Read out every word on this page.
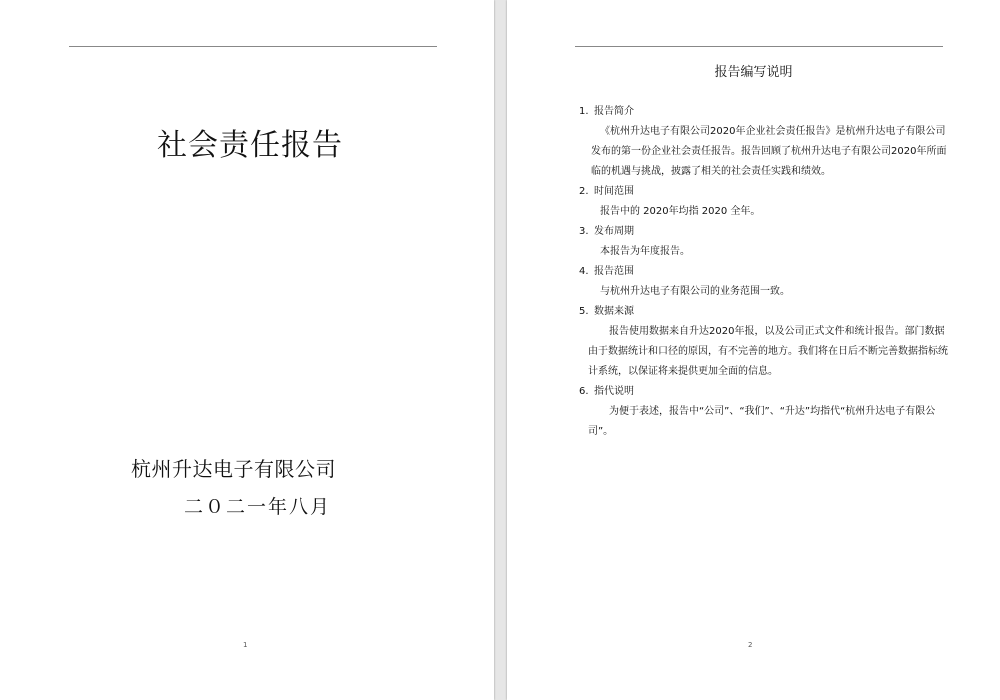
社会责任报告
杭州升达电子有限公司
二０二一年八月
1
报告编写说明

1. 报告简介

《杭州升达电子有限公司2020年企业社会责任报告》是杭州升达电子有限公司发布的第一份企业社会责任报告。报告回顾了杭州升达电子有限公司2020年所面临的机遇与挑战，披露了相关的社会责任实践和绩效。

2. 时间范围

报告中的 2020年均指 2020 全年。

3. 发布周期

本报告为年度报告。

4. 报告范围

与杭州升达电子有限公司的业务范围一致。

5. 数据来源

报告使用数据来自升达2020年报，以及公司正式文件和统计报告。部门数据由于数据统计和口径的原因，有不完善的地方。我们将在日后不断完善数据指标统计系统，以保证将来提供更加全面的信息。

6. 指代说明

为便于表述，报告中“公司”、“我们”、“升达”均指代“杭州升达电子有限公司”。

2
